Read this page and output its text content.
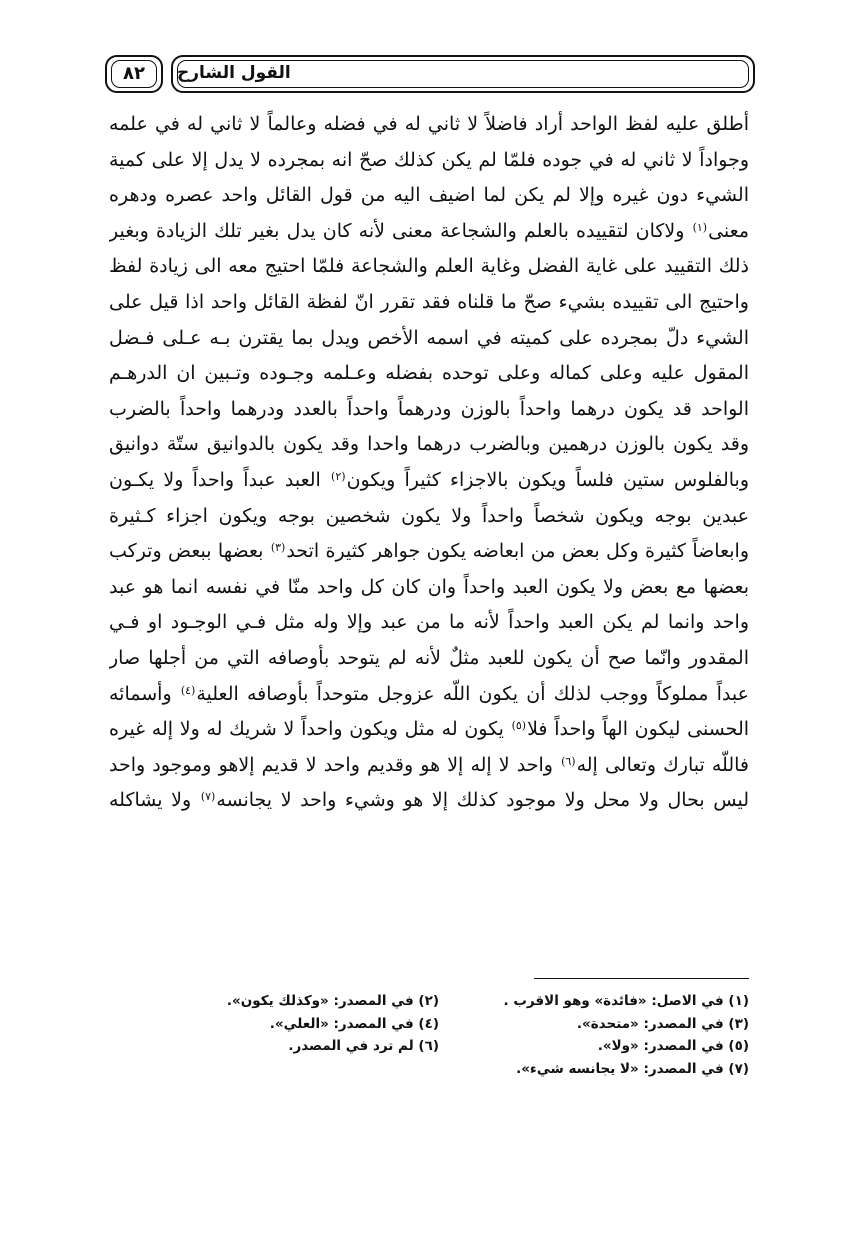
القول الشارح
٨٢
أطلق عليه لفظ الواحد أراد فاضلاً لا ثاني له في فضله وعالماً لا ثاني له في علمه
وجواداً لا ثاني له في جوده فلمّا لم يكن كذلك صحّ انه بمجرده لا يدل إلا على كمية
الشيء دون غيره وإلا لم يكن لما اضيف اليه من قول القائل واحد عصره ودهره
معنى$^{(١)}$ ولاكان لتقييده بالعلم والشجاعة معنى لأنه كان يدل بغير تلك الزيادة وبغير
ذلك التقييد على غاية الفضل وغاية العلم والشجاعة فلمّا احتيج معه الى زيادة لفظ
واحتيج الى تقييده بشيء صحّ ما قلناه فقد تقرر انّ لفظة القائل واحد اذا قيل على
الشيء دلّ بمجرده على كميته في اسمه الأخص ويدل بما يقترن بـه عـلى فـضل
المقول عليه وعلى كماله وعلى توحده بفضله وعـلمه وجـوده وتـبين ان الدرهـم
الواحد قد يكون درهما واحداً بالوزن ودرهماً واحداً بالعدد ودرهما واحداً بالضرب
وقد يكون بالوزن درهمين وبالضرب درهما واحدا وقد يكون بالدوانيق ستّة دوانيق
وبالفلوس ستين فلساً ويكون بالاجزاء كثيراً ويكون$^{(٢)}$ العبد عبداً واحداً ولا يكـون
عبدين بوجه ويكون شخصاً واحداً ولا يكون شخصين بوجه ويكون اجزاء كـثيرة
وابعاضاً كثيرة وكل بعض من ابعاضه يكون جواهر كثيرة اتحد$^{(٣)}$ بعضها ببعض وتركب
بعضها مع بعض ولا يكون العبد واحداً وان كان كل واحد منّا في نفسه انما هو عبد
واحد وانما لم يكن العبد واحداً لأنه ما من عبد وإلا وله مثل فـي الوجـود او فـي
المقدور وانّما صح أن يكون للعبد مثلٌ لأنه لم يتوحد بأوصافه التي من أجلها صار
عبداً مملوكاً ووجب لذلك أن يكون اللّه عزوجل متوحداً بأوصافه العلية$^{(٤)}$ وأسمائه
الحسنى ليكون الهاً واحداً فلا$^{(٥)}$ يكون له مثل ويكون واحداً لا شريك له ولا إله غيره
فاللّه تبارك وتعالى إله$^{(٦)}$ واحد لا إله إلا هو وقديم واحد لا قديم إلاهو وموجود واحد
ليس بحال ولا محل ولا موجود كذلك إلا هو وشيء واحد لا يجانسه$^{(٧)}$ ولا يشاكله
(١) في الاصل: «فائدة» وهو الاقرب .
(٢) في المصدر: «وكذلك يكون».
(٣) في المصدر: «متحدة».
(٤) في المصدر: «العلي».
(٥) في المصدر: «ولا».
(٦) لم ترد في المصدر.
(٧) في المصدر: «لا يجانسه شيء».
